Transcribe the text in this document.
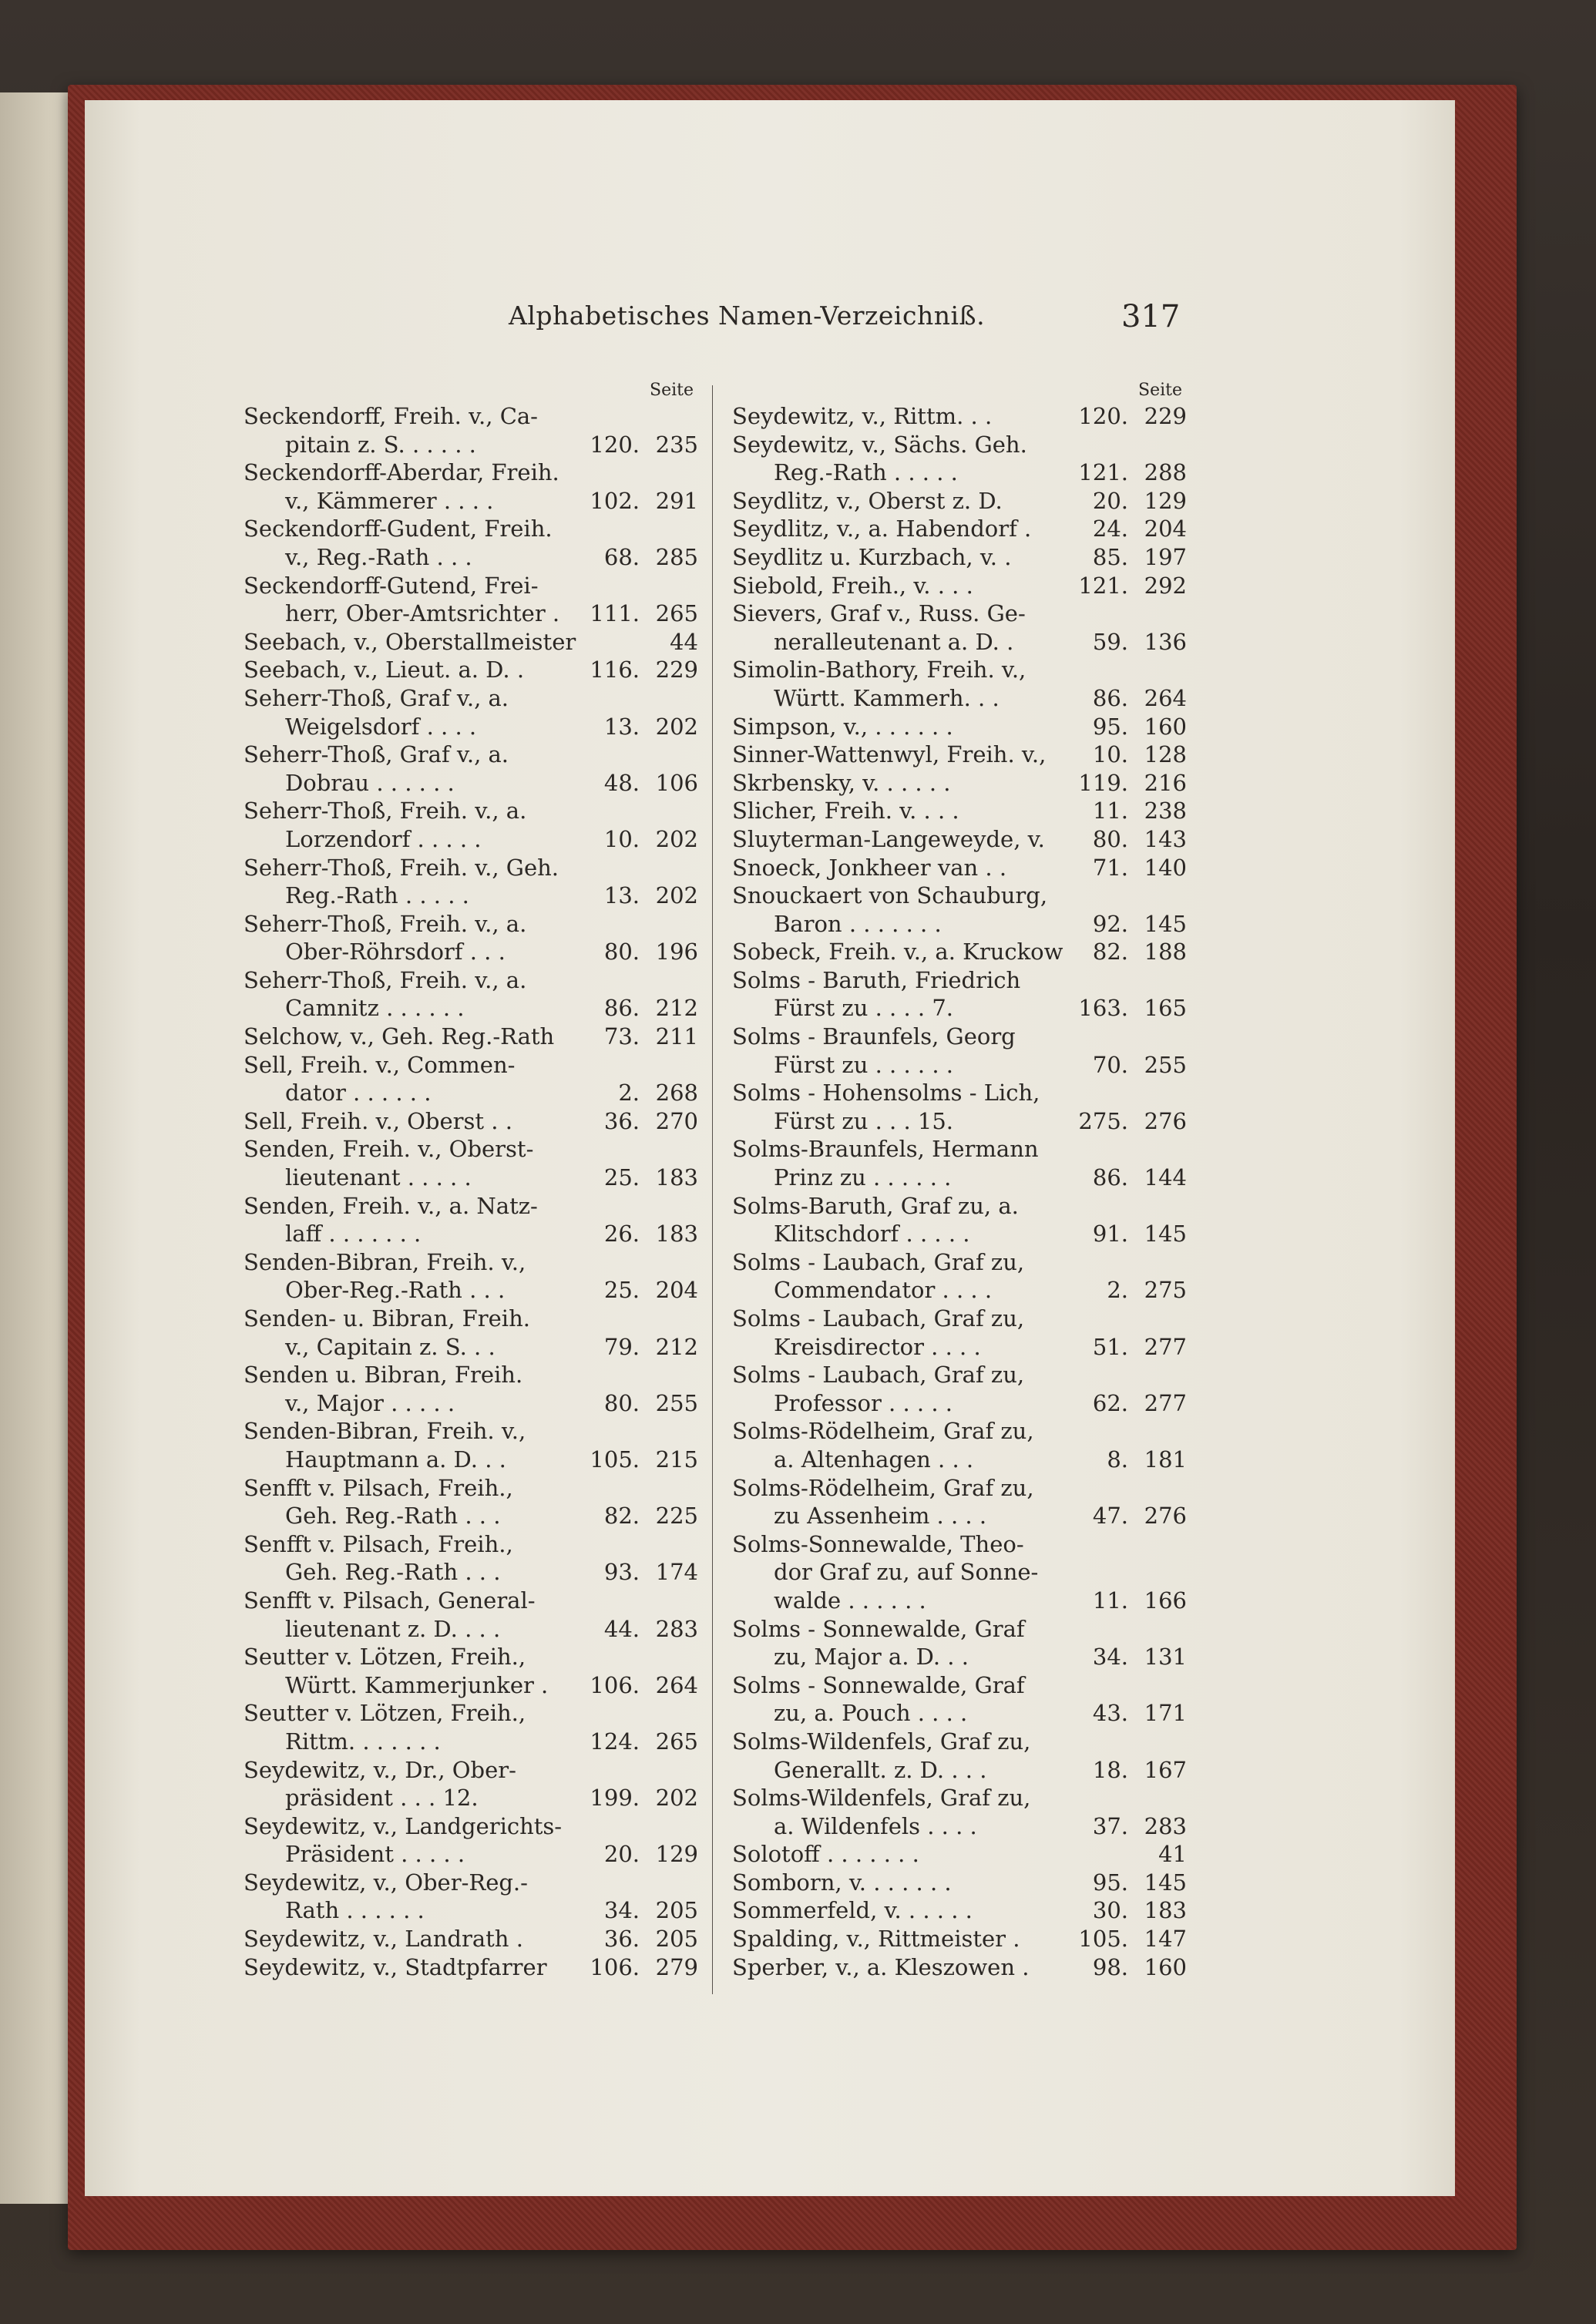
Alphabetisches Namen-Verzeichniß.	317
Seite
Seckendorff, Freih. v., Ca-
pitain z. S. . . . . .	120. 235
Seckendorff-Aberdar, Freih.
v., Kämmerer . . . .	102. 291
Seckendorff-Gudent, Freih.
v., Reg.-Rath . . .	68. 285
Seckendorff-Gutend, Frei-
herr, Ober-Amtsrichter . 111. 265
Seebach, v., Oberstallmeister	44
Seebach, v., Lieut. a. D. .	116. 229
Seherr-Thoß, Graf v., a.
Weigelsdorf . . . .	13. 202
Seherr-Thoß, Graf v., a.
Dobrau . . . . . .	48. 106
Seherr-Thoß, Freih. v., a.
Lorzendorf . . . . .	10. 202
Seherr-Thoß, Freih. v., Geh.
Reg.-Rath . . . . .	13. 202
Seherr-Thoß, Freih. v., a.
Ober-Röhrsdorf . . .	80. 196
Seherr-Thoß, Freih. v., a.
Camnitz . . . . . .	86. 212
Selchow, v., Geh. Reg.-Rath 73. 211
Sell, Freih. v., Commen-
dator . . . . . .	2. 268
Sell, Freih. v., Oberst . .	36. 270
Senden, Freih. v., Oberst-
lieutenant . . . . .	25. 183
Senden, Freih. v., a. Natz-
laff . . . . . . .	26. 183
Senden-Bibran, Freih. v.,
Ober-Reg.-Rath . . .	25. 204
Senden- u. Bibran, Freih.
v., Capitain z. S. . .	79. 212
Senden u. Bibran, Freih.
v., Major . . . . .	80. 255
Senden-Bibran, Freih. v.,
Hauptmann a. D. . .	105. 215
Senfft v. Pilsach, Freih.,
Geh. Reg.-Rath . . .	82. 225
Senfft v. Pilsach, Freih.,
Geh. Reg.-Rath . . .	93. 174
Senfft v. Pilsach, General-
lieutenant z. D. . . .	44. 283
Seutter v. Lötzen, Freih.,
Württ. Kammerjunker . 106. 264
Seutter v. Lötzen, Freih.,
Rittm. . . . . . .	124. 265
Seydewitz, v., Dr., Ober-
präsident . . . 12.	199. 202
Seydewitz, v., Landgerichts-
Präsident . . . . .	20. 129
Seydewitz, v., Ober-Reg.-
Rath . . . . . .	34. 205
Seydewitz, v., Landrath .	36. 205
Seydewitz, v., Stadtpfarrer 106. 279
Seite
Seydewitz, v., Rittm. . .	120. 229
Seydewitz, v., Sächs. Geh.
Reg.-Rath . . . . .	121. 288
Seydlitz, v., Oberst z. D.	20. 129
Seydlitz, v., a. Habendorf .	24. 204
Seydlitz u. Kurzbach, v. .	85. 197
Siebold, Freih., v. . . .	121. 292
Sievers, Graf v., Russ. Ge-
neralleutenant a. D. .	59. 136
Simolin-Bathory, Freih. v.,
Württ. Kammerh. . .	86. 264
Simpson, v., . . . . . .	95. 160
Sinner-Wattenwyl, Freih. v., 10. 128
Skrbensky, v. . . . . .	119. 216
Slicher, Freih. v. . . .	11. 238
Sluyterman-Langeweyde, v. 80. 143
Snoeck, Jonkheer van . .	71. 140
Snouckaert von Schauburg,
Baron . . . . . . .	92. 145
Sobeck, Freih. v., a. Kruckow 82. 188
Solms - Baruth, Friedrich
Fürst zu . . . . 7.	163. 165
Solms - Braunfels, Georg
Fürst zu . . . . . .	70. 255
Solms - Hohensolms - Lich,
Fürst zu . . . 15.	275. 276
Solms-Braunfels, Hermann
Prinz zu . . . . . .	86. 144
Solms-Baruth, Graf zu, a.
Klitschdorf . . . . .	91. 145
Solms - Laubach, Graf zu,
Commendator . . . .	2. 275
Solms - Laubach, Graf zu,
Kreisdirector . . . .	51. 277
Solms - Laubach, Graf zu,
Professor . . . . .	62. 277
Solms-Rödelheim, Graf zu,
a. Altenhagen . . .	8. 181
Solms-Rödelheim, Graf zu,
zu Assenheim . . . .	47. 276
Solms-Sonnewalde, Theo-
dor Graf zu, auf Sonne-
walde . . . . . .	11. 166
Solms - Sonnewalde, Graf
zu, Major a. D. . .	34. 131
Solms - Sonnewalde, Graf
zu, a. Pouch . . . .	43. 171
Solms-Wildenfels, Graf zu,
Generallt. z. D. . . .	18. 167
Solms-Wildenfels, Graf zu,
a. Wildenfels . . . .	37. 283
Solotoff . . . . . . .	41
Somborn, v. . . . . . .	95. 145
Sommerfeld, v. . . . . .	30. 183
Spalding, v., Rittmeister .	105. 147
Sperber, v., a. Kleszowen .	98. 160
